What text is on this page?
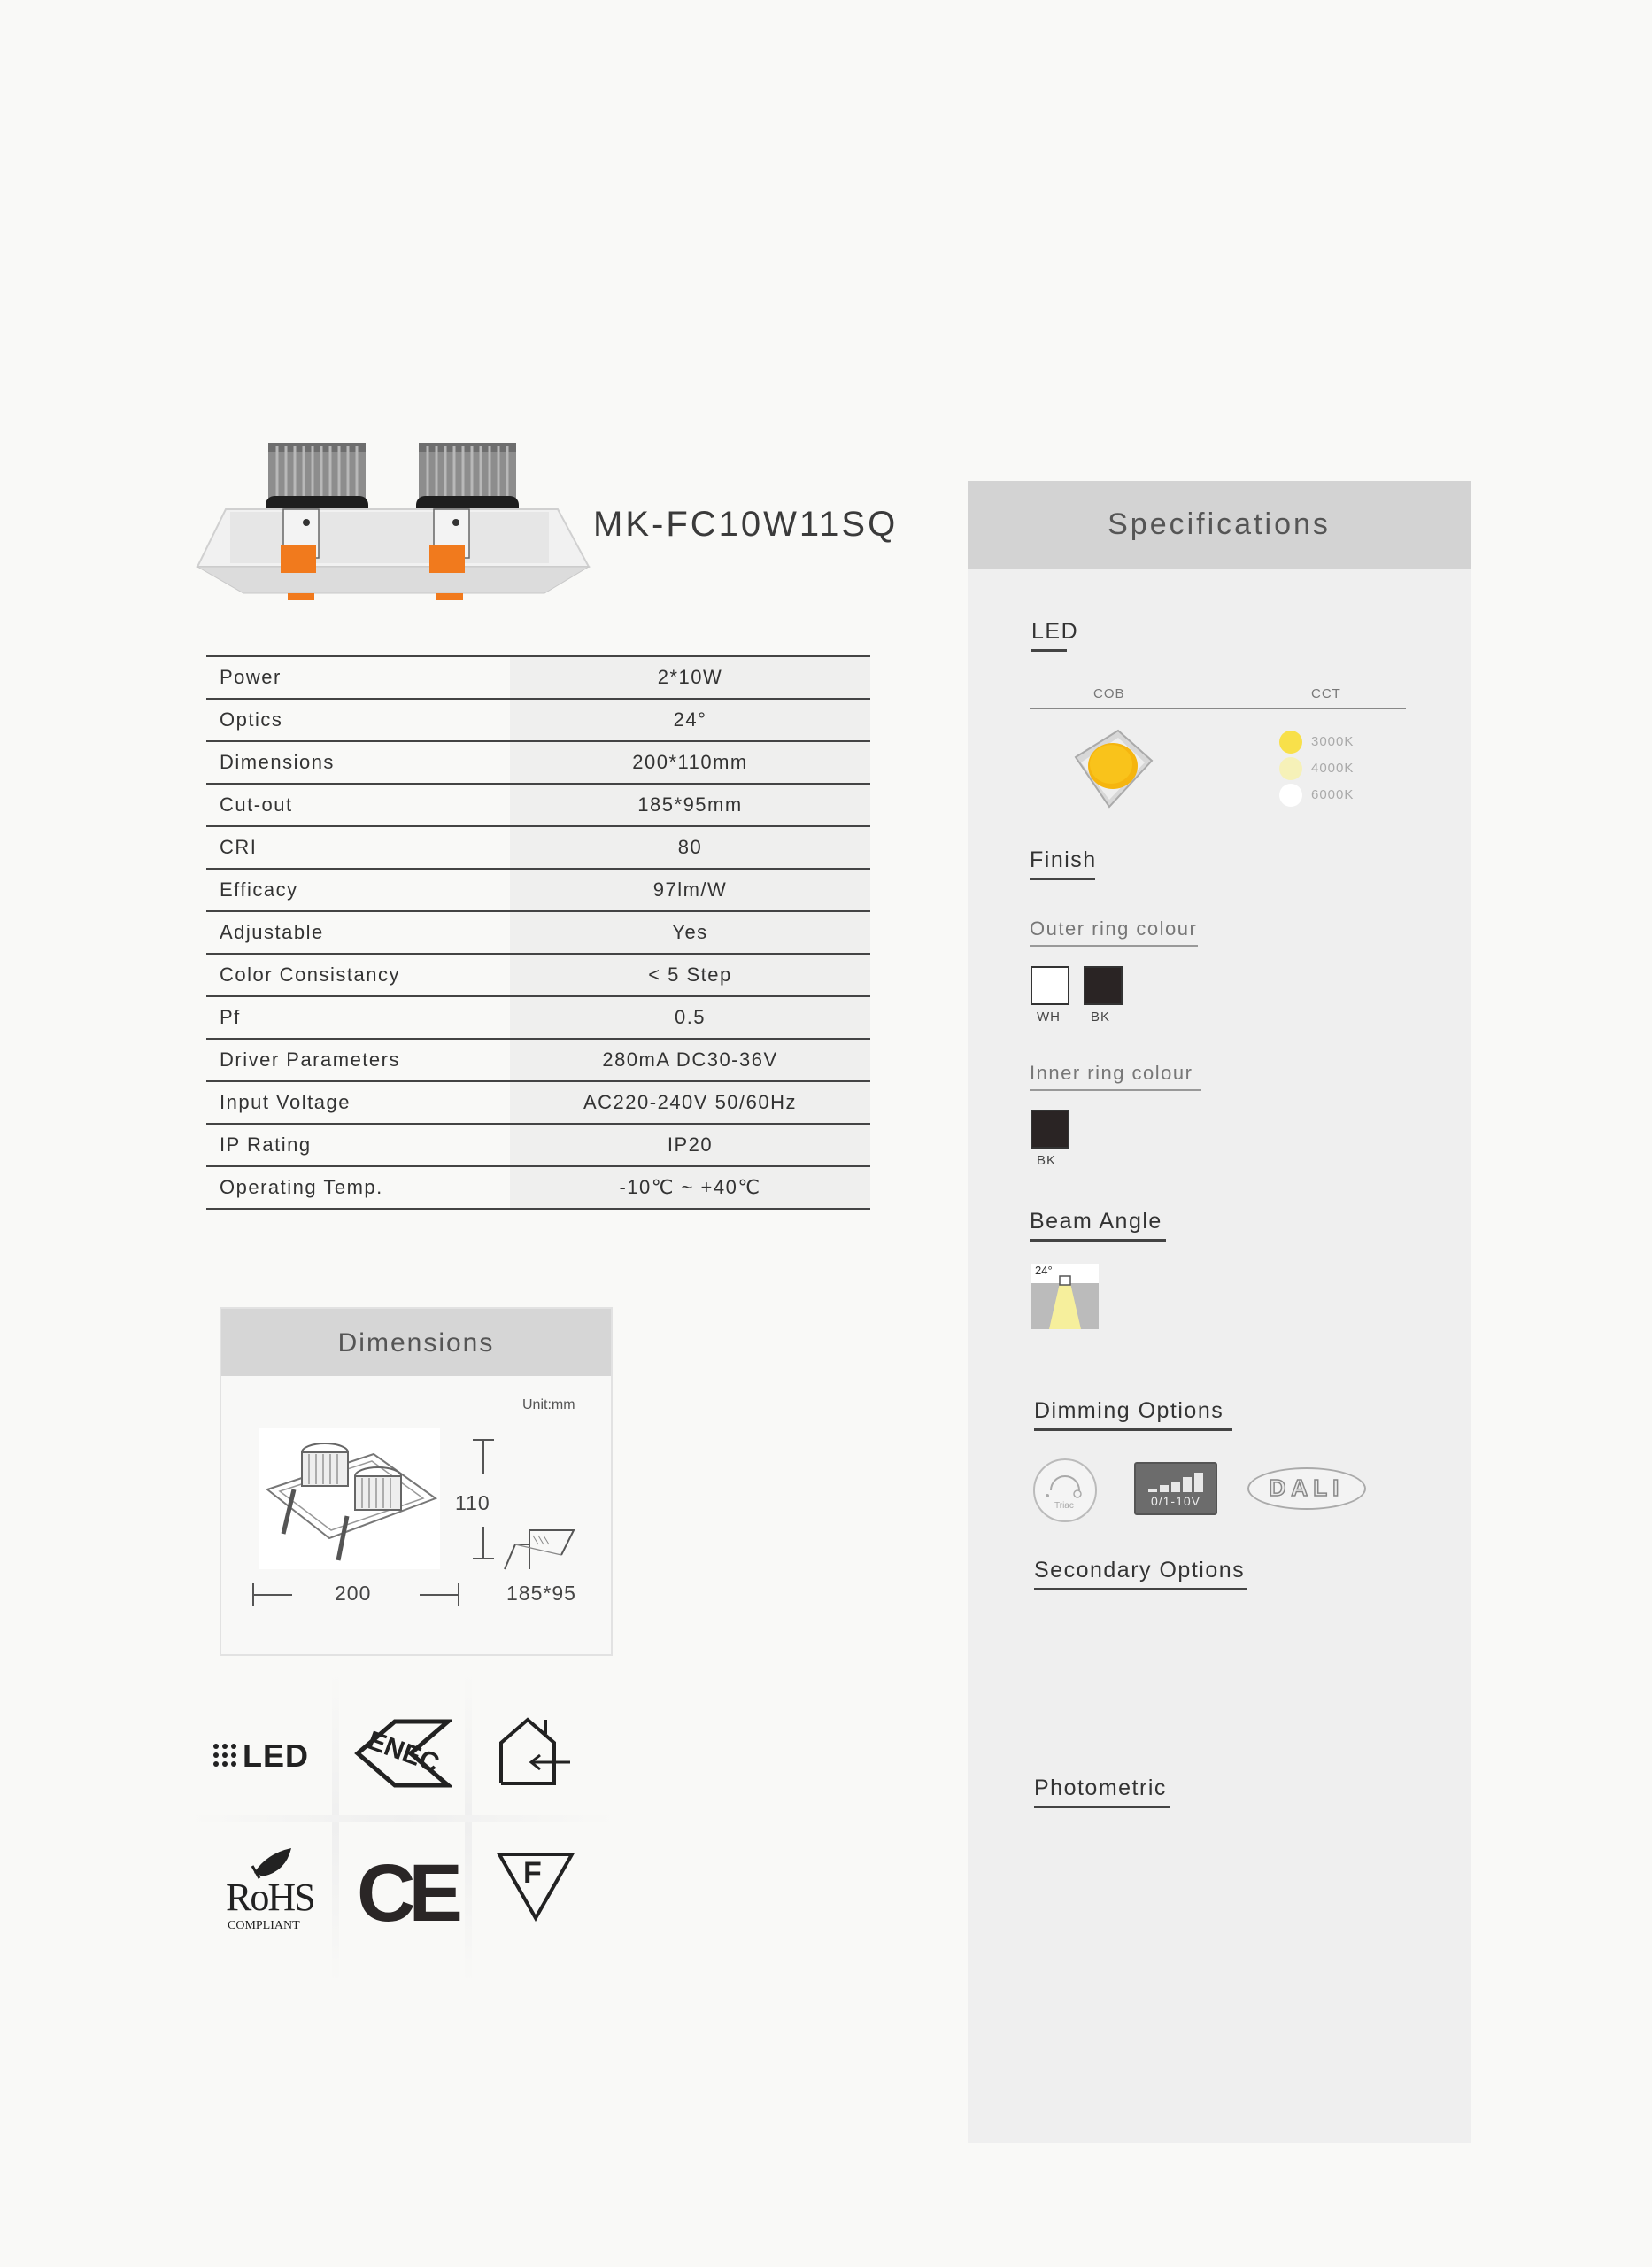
MK-FC10W11SQ
Power	2*10W
Optics	24°
Dimensions	200*110mm
Cut-out	185*95mm
CRI	80
Efficacy	97lm/W
Adjustable	Yes
Color Consistancy	< 5 Step
Pf	0.5
Driver Parameters	280mA DC30-36V
Input Voltage	AC220-240V 50/60Hz
IP Rating	IP20
Operating Temp.	-10℃ ~ +40℃
Dimensions
Unit:mm
110
200	185*95
LED ENEC
RoHS
COMPLIANT CE F
Specifications
LED
COB	CCT
3000K
4000K
6000K
Finish
Outer ring colour
WH BK
Inner ring colour
BK
Beam Angle
24°
Dimming Options
Triac	0/1-10V	DALI
Secondary Options
Photometric
